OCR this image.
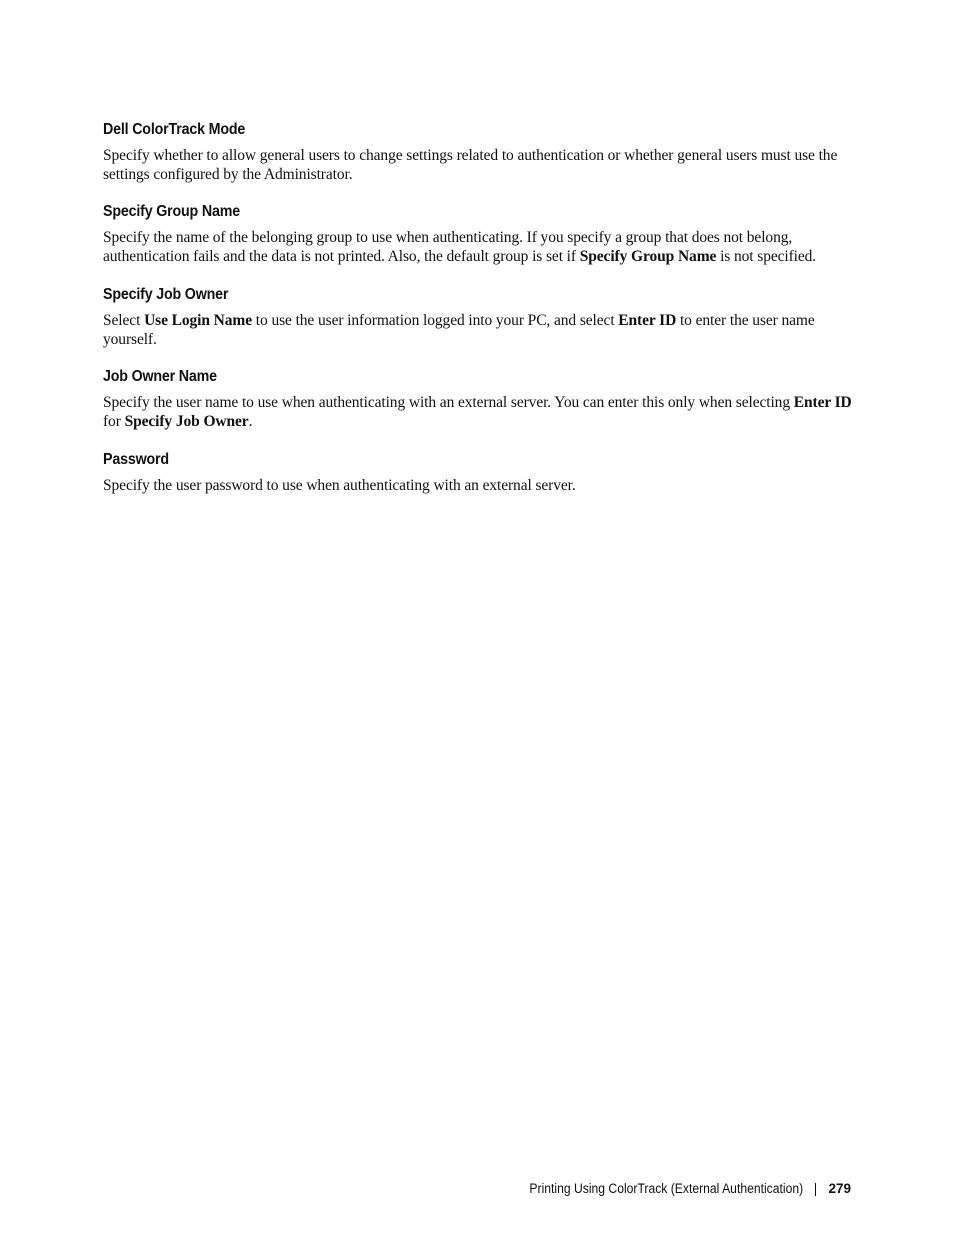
Dell ColorTrack Mode

Specify whether to allow general users to change settings related to authentication or whether general users must use the settings configured by the Administrator.

Specify Group Name

Specify the name of the belonging group to use when authenticating. If you specify a group that does not belong, authentication fails and the data is not printed. Also, the default group is set if Specify Group Name is not specified.

Specify Job Owner

Select Use Login Name to use the user information logged into your PC, and select Enter ID to enter the user name yourself.

Job Owner Name

Specify the user name to use when authenticating with an external server. You can enter this only when selecting Enter ID for Specify Job Owner.

Password

Specify the user password to use when authenticating with an external server.

Printing Using ColorTrack (External Authentication) 279
